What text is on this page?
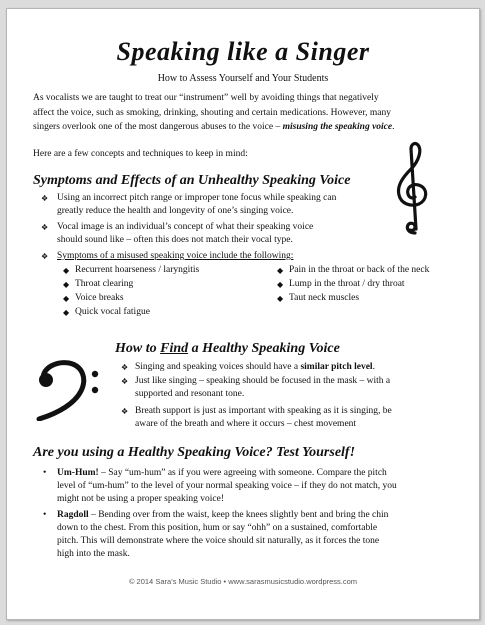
Speaking like a Singer
How to Assess Yourself and Your Students
As vocalists we are taught to treat our “instrument” well by avoiding things that negatively
affect the voice, such as smoking, drinking, shouting and certain medications. However, many
singers overlook one of the most dangerous abuses to the voice – misusing the speaking voice.
Here are a few concepts and techniques to keep in mind:
Symptoms and Effects of an Unhealthy Speaking Voice
❖ Using an incorrect pitch range or improper tone focus while speaking can
greatly reduce the health and longevity of one’s singing voice.
❖ Vocal image is an individual’s concept of what their speaking voice
should sound like – often this does not match their vocal type.
❖ Symptoms of a misused speaking voice include the following:
◆ Recurrent hoarseness / laryngitis
◆ Throat clearing
◆ Voice breaks
◆ Quick vocal fatigue
◆ Pain in the throat or back of the neck
◆ Lump in the throat / dry throat
◆ Taut neck muscles
How to Find a Healthy Speaking Voice
❖ Singing and speaking voices should have a similar pitch level.
❖ Just like singing – speaking should be focused in the mask – with a
supported and resonant tone.
❖ Breath support is just as important with speaking as it is singing, be
aware of the breath and where it occurs – chest movement
Are you using a Healthy Speaking Voice? Test Yourself!
• Um-Hum! – Say “um-hum” as if you were agreeing with someone. Compare the pitch
level of “um-hum” to the level of your normal speaking voice – if they do not match, you
might not be using a proper speaking voice!
• Ragdoll – Bending over from the waist, keep the knees slightly bent and bring the chin
down to the chest. From this position, hum or say “ohh” on a sustained, comfortable
pitch. This will demonstrate where the voice should sit naturally, as it forces the tone
high into the mask.
© 2014 Sara’s Music Studio • www.sarasmusicstudio.wordpress.com
